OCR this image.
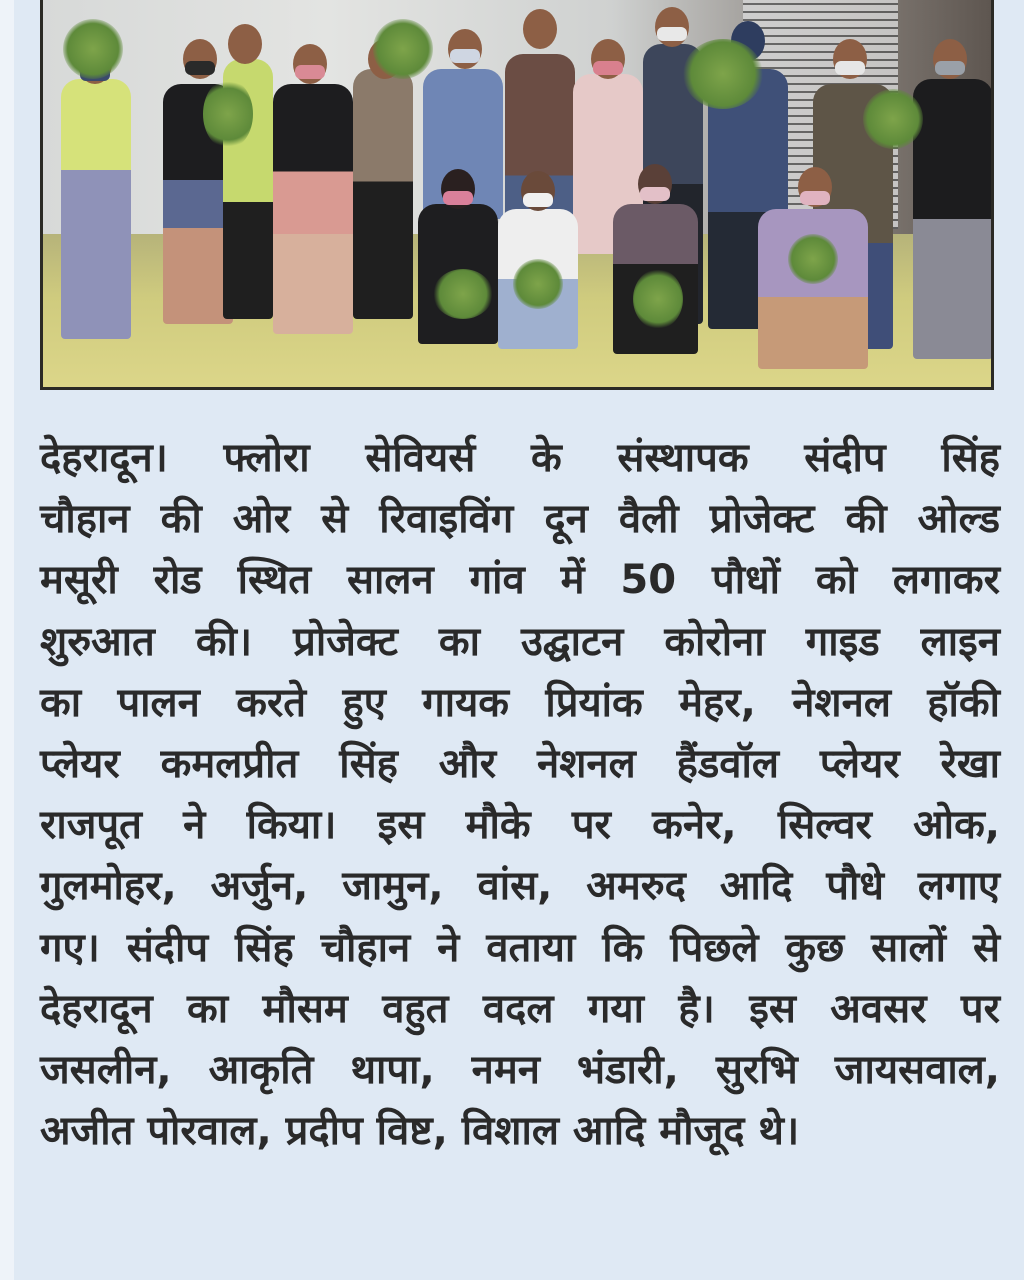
देहरादून। फ्लोरा सेवियर्स के संस्थापक संदीप सिंह
चौहान की ओर से रिवाइविंग दून वैली प्रोजेक्ट की ओल्ड
मसूरी रोड स्थित सालन गांव में 50 पौधों को लगाकर
शुरुआत की। प्रोजेक्ट का उद्घाटन कोरोना गाइड लाइन
का पालन करते हुए गायक प्रियांक मेहर, नेशनल हॉकी
प्लेयर कमलप्रीत सिंह और नेशनल हैंडवॉल प्लेयर रेखा
राजपूत ने किया। इस मौके पर कनेर, सिल्वर ओक,
गुलमोहर, अर्जुन, जामुन, वांस, अमरुद आदि पौधे लगाए
गए। संदीप सिंह चौहान ने वताया कि पिछले कुछ सालों से
देहरादून का मौसम वहुत वदल गया है। इस अवसर पर
जसलीन, आकृति थापा, नमन भंडारी, सुरभि जायसवाल,
अजीत पोरवाल, प्रदीप विष्ट, विशाल आदि मौजूद थे।
